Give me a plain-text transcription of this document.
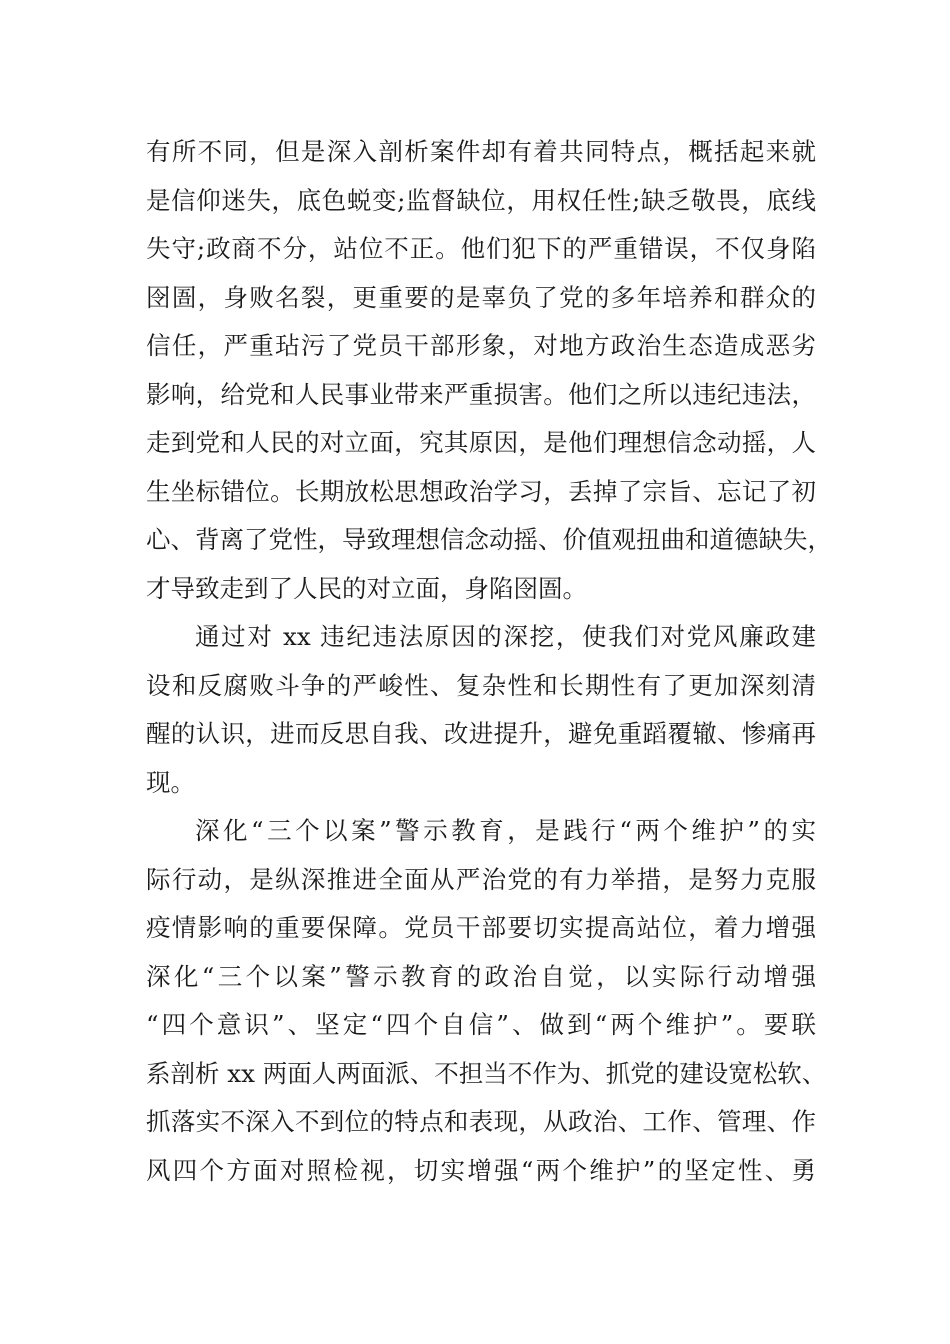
有所不同，但是深入剖析案件却有着共同特点，概括起来就
是信仰迷失，底色蜕变;监督缺位，用权任性;缺乏敬畏，底线
失守;政商不分，站位不正。他们犯下的严重错误，不仅身陷
囹圄，身败名裂，更重要的是辜负了党的多年培养和群众的
信任，严重玷污了党员干部形象，对地方政治生态造成恶劣
影响，给党和人民事业带来严重损害。他们之所以违纪违法，
走到党和人民的对立面，究其原因，是他们理想信念动摇，人
生坐标错位。长期放松思想政治学习，丢掉了宗旨、忘记了初
心、背离了党性，导致理想信念动摇、价值观扭曲和道德缺失，
才导致走到了人民的对立面，身陷囹圄。
通过对 xx 违纪违法原因的深挖，使我们对党风廉政建
设和反腐败斗争的严峻性、复杂性和长期性有了更加深刻清
醒的认识，进而反思自我、改进提升，避免重蹈覆辙、惨痛再
现。
深化“三个以案”警示教育，是践行“两个维护”的实
际行动，是纵深推进全面从严治党的有力举措，是努力克服
疫情影响的重要保障。党员干部要切实提高站位，着力增强
深化“三个以案”警示教育的政治自觉，以实际行动增强
“四个意识”、坚定“四个自信”、做到“两个维护”。要联
系剖析 xx 两面人两面派、不担当不作为、抓党的建设宽松软、
抓落实不深入不到位的特点和表现，从政治、工作、管理、作
风四个方面对照检视，切实增强“两个维护”的坚定性、勇
